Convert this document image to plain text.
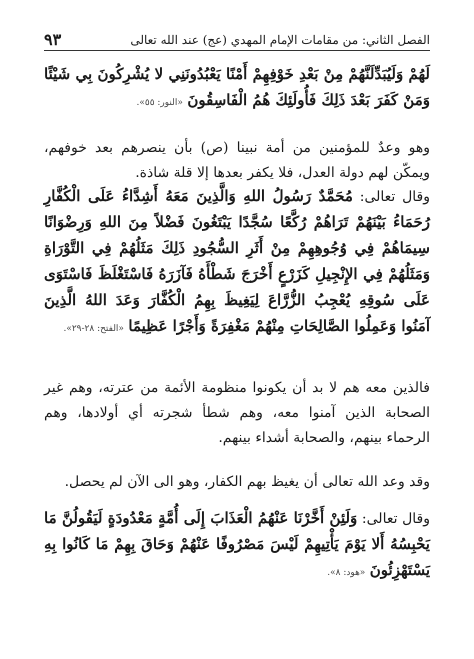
الفصل الثاني: من مقامات الإمام المهدي (عج) عند الله تعالى
٩٣

لَهُمْ وَلَيُبَدِّلَنَّهُمْ مِنْ بَعْدِ خَوْفِهِمْ أَمْنًا يَعْبُدُونَنِي لا يُشْرِكُونَ بِي شَيْئًا وَمَنْ كَفَرَ بَعْدَ ذَلِكَ فَأُولَئِكَ هُمُ الْفَاسِقُونَ «النور: ٥٥».

وهو وعدٌ للمؤمنين من أمة نبينا (ص) بأن ينصرهم بعد خوفهم، ويمكّن لهم دولة العدل، فلا يكفر بعدها إلا قلة شاذة.

وقال تعالى: مُحَمَّدٌ رَسُولُ اللهِ وَالَّذِينَ مَعَهُ أَشِدَّاءُ عَلَى الْكُفَّارِ رُحَمَاءُ بَيْنَهُمْ تَرَاهُمْ رُكَّعًا سُجَّدًا يَبْتَغُونَ فَضْلاً مِنَ اللهِ وَرِضْوَانًا سِيمَاهُمْ فِي وُجُوهِهِمْ مِنْ أَثَرِ السُّجُودِ ذَلِكَ مَثَلُهُمْ فِي التَّوْرَاةِ وَمَثَلُهُمْ فِي الإِنْجِيلِ كَزَرْعٍ أَخْرَجَ شَطْأَهُ فَآزَرَهُ فَاسْتَغْلَظَ فَاسْتَوَى عَلَى سُوقِهِ يُعْجِبُ الزُّرَّاعَ لِيَغِيظَ بِهِمُ الْكُفَّارَ وَعَدَ اللهُ الَّذِينَ آمَنُوا وَعَمِلُوا الصَّالِحَاتِ مِنْهُمْ مَغْفِرَةً وَأَجْرًا عَظِيمًا «الفتح: ٢٨-٢٩».

فالذين معه هم لا بد أن يكونوا منظومة الأئمة من عترته، وهم غير الصحابة الذين آمنوا معه، وهم شطأ شجرته أي أولادها، وهم الرحماء بينهم، والصحابة أشداء بينهم.

وقد وعد الله تعالى أن يغيظ بهم الكفار، وهو الى الآن لم يحصل.

وقال تعالى: وَلَئِنْ أَخَّرْنَا عَنْهُمُ الْعَذَابَ إِلَى أُمَّةٍ مَعْدُودَةٍ لَيَقُولُنَّ مَا يَحْبِسُهُ أَلا يَوْمَ يَأْتِيهِمْ لَيْسَ مَصْرُوفًا عَنْهُمْ وَحَاقَ بِهِمْ مَا كَانُوا بِهِ يَسْتَهْزِئُونَ «هود: ٨».
